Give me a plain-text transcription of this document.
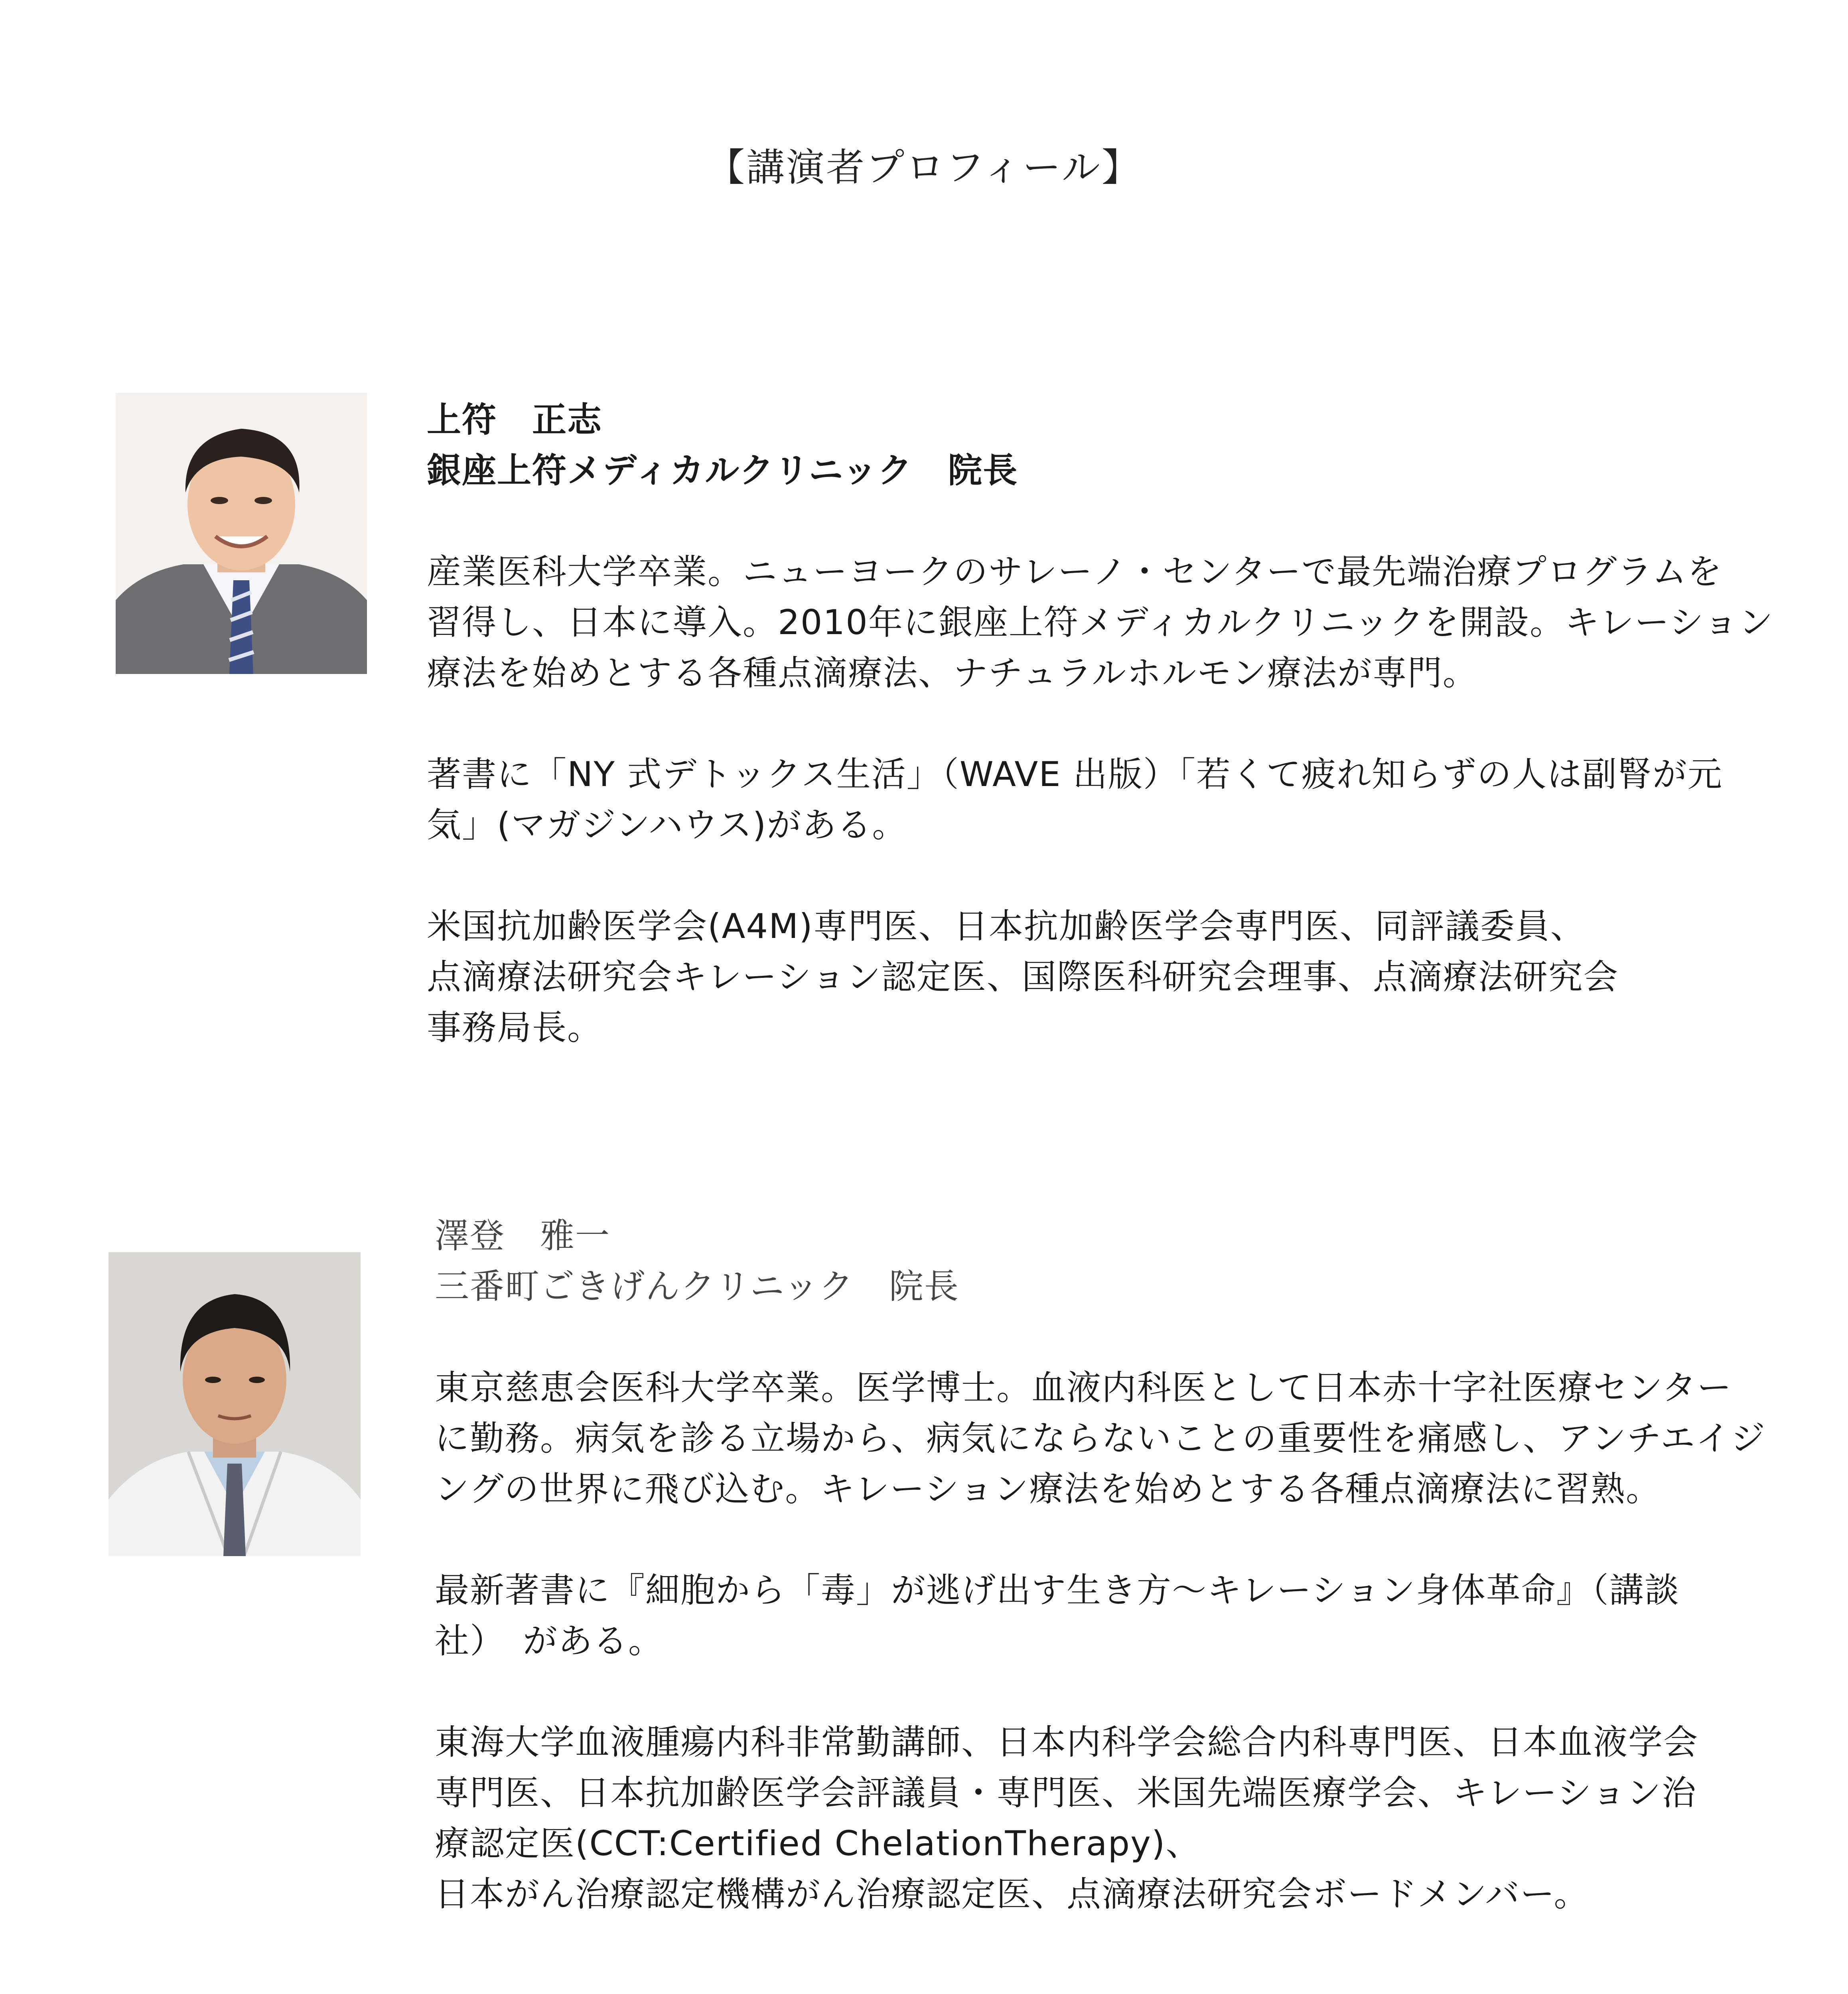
【講演者プロフィール】
上符　正志
銀座上符メディカルクリニック　院長
産業医科大学卒業。ニューヨークのサレーノ・センターで最先端治療プログラムを
習得し、日本に導入。2010年に銀座上符メディカルクリニックを開設。キレーション
療法を始めとする各種点滴療法、ナチュラルホルモン療法が専門。
著書に「NY 式デトックス生活」（WAVE 出版）「若くて疲れ知らずの人は副腎が元
気」(マガジンハウス)がある。
米国抗加齢医学会(A4M)専門医、日本抗加齢医学会専門医、同評議委員、
点滴療法研究会キレーション認定医、国際医科研究会理事、点滴療法研究会
事務局長。
澤登　雅一
三番町ごきげんクリニック　院長
東京慈恵会医科大学卒業。医学博士。血液内科医として日本赤十字社医療センター
に勤務。病気を診る立場から、病気にならないことの重要性を痛感し、アンチエイジ
ングの世界に飛び込む。キレーション療法を始めとする各種点滴療法に習熟。
最新著書に『細胞から「毒」が逃げ出す生き方～キレーション身体革命』（講談
社）　がある。
東海大学血液腫瘍内科非常勤講師、日本内科学会総合内科専門医、日本血液学会
専門医、日本抗加齢医学会評議員・専門医、米国先端医療学会、キレーション治
療認定医(CCT:Certified ChelationTherapy)、
日本がん治療認定機構がん治療認定医、点滴療法研究会ボードメンバー。
